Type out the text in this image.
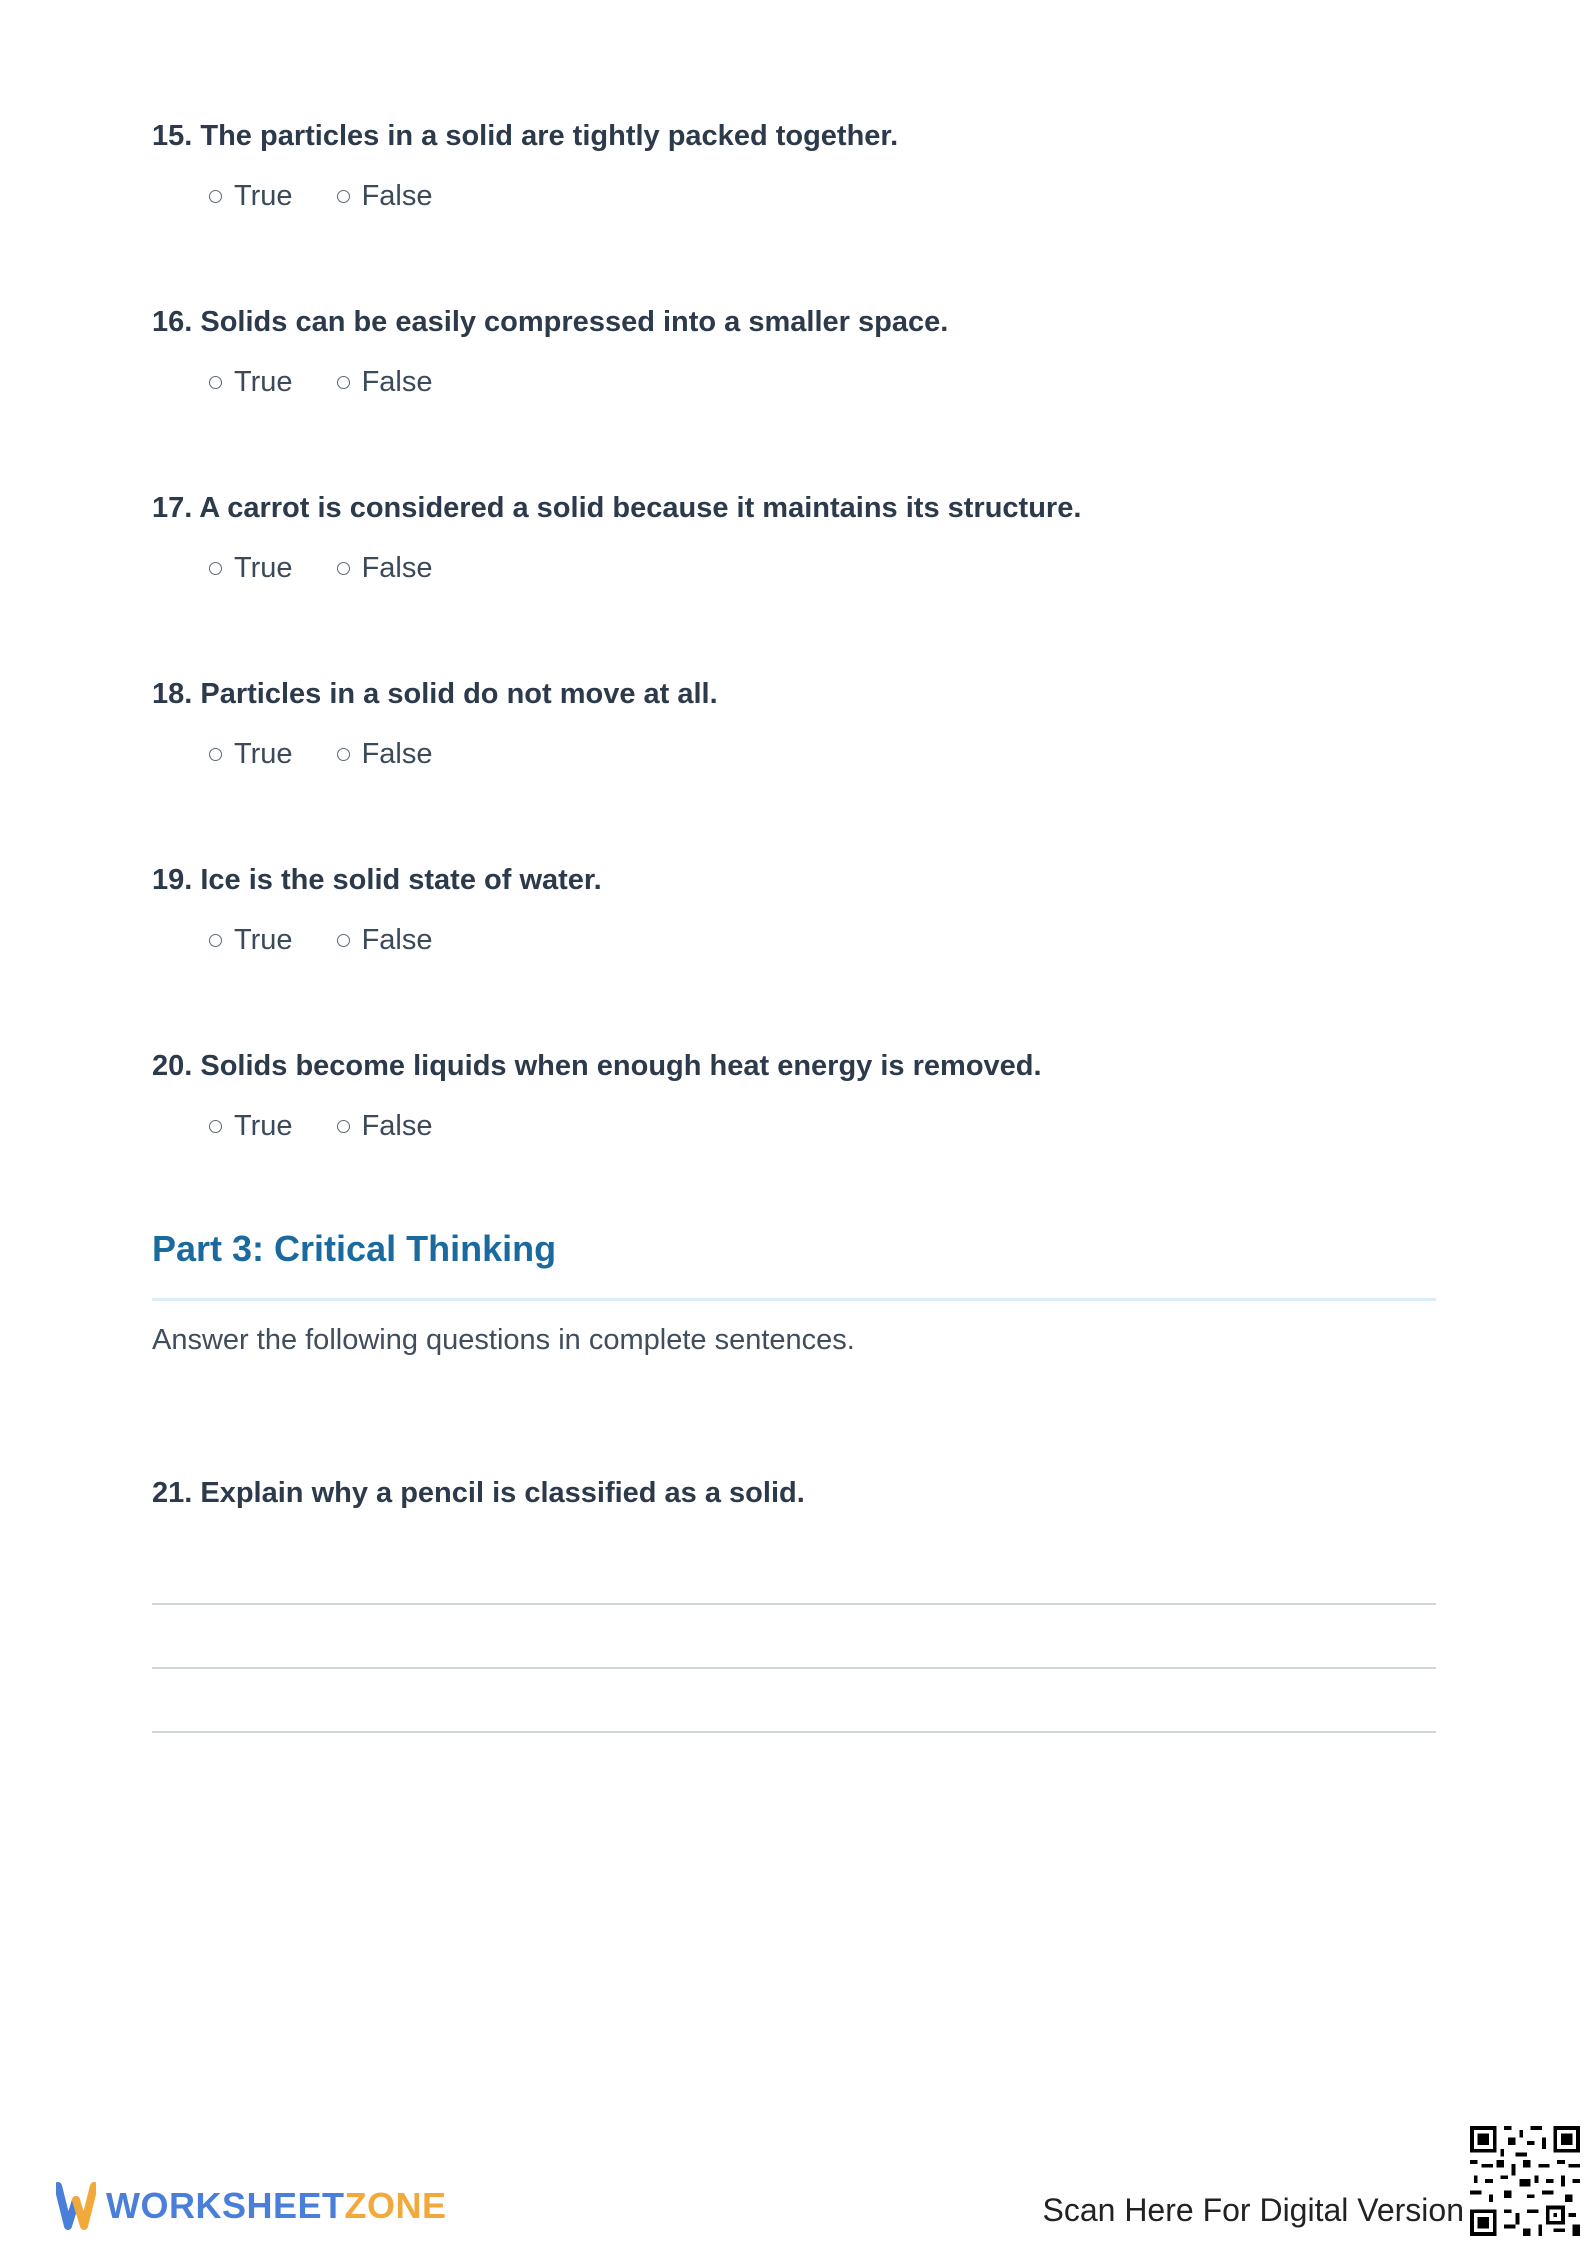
15. The particles in a solid are tightly packed together.

True False

16. Solids can be easily compressed into a smaller space.

True False

17. A carrot is considered a solid because it maintains its structure.

True False

18. Particles in a solid do not move at all.

True False

19. Ice is the solid state of water.

True False

20. Solids become liquids when enough heat energy is removed.

True False
Part 3: Critical Thinking

Answer the following questions in complete sentences.

21. Explain why a pencil is classified as a solid.

WORKSHEETZONE	Scan Here For Digital Version
